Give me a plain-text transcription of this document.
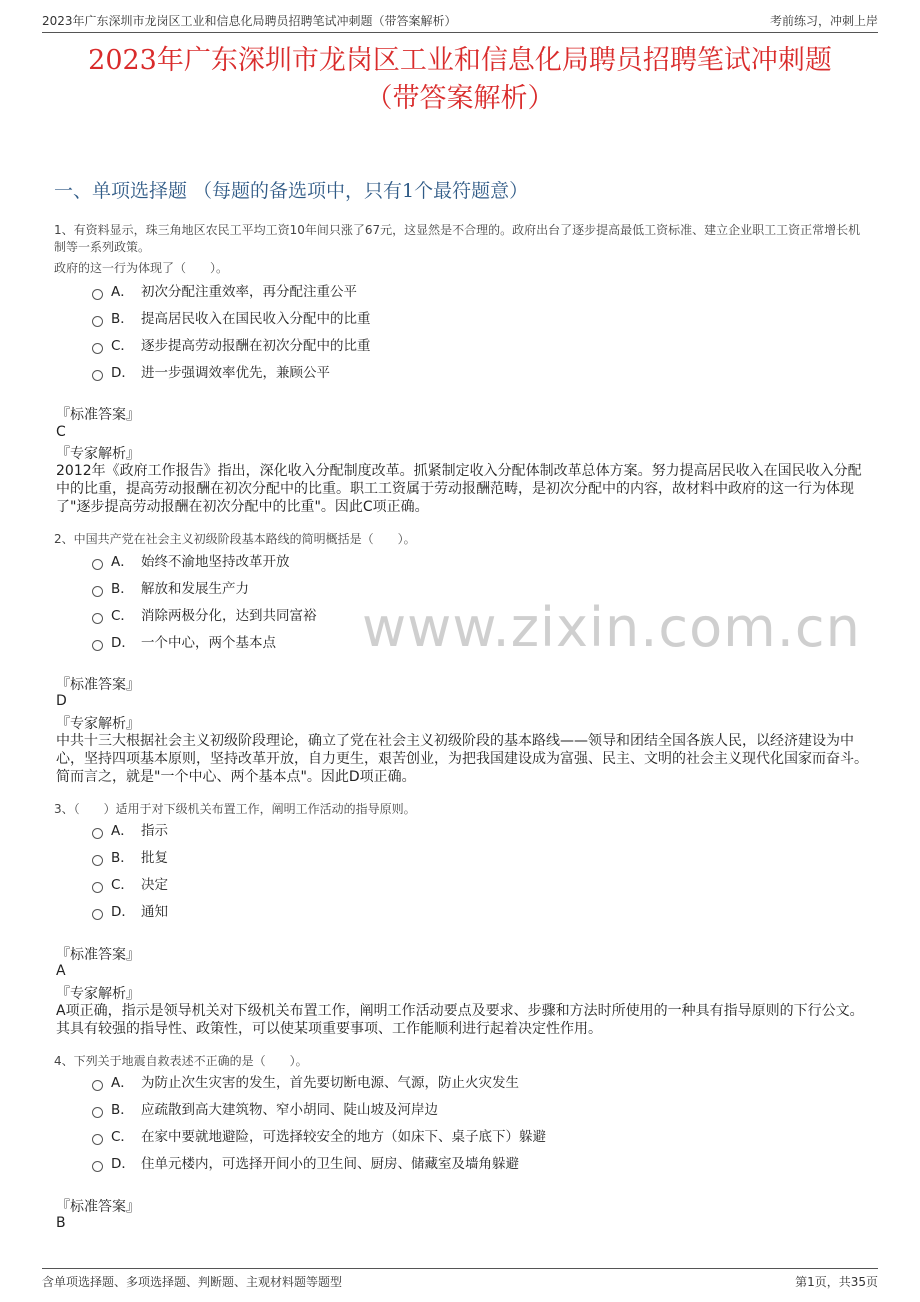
2023年广东深圳市龙岗区工业和信息化局聘员招聘笔试冲刺题（带答案解析）	考前练习，冲刺上岸
2023年广东深圳市龙岗区工业和信息化局聘员招聘笔试冲刺题
（带答案解析）
一、单项选择题 （每题的备选项中，只有1个最符题意）
www.zixin.com.cn
1、有资料显示，珠三角地区农民工平均工资10年间只涨了67元，这显然是不合理的。政府出台了逐步提高最低工资标准、建立企业职工工资正常增长机制等一系列政策。
政府的这一行为体现了（　　）。
A． 初次分配注重效率，再分配注重公平
B． 提高居民收入在国民收入分配中的比重
C． 逐步提高劳动报酬在初次分配中的比重
D． 进一步强调效率优先，兼顾公平
『标准答案』
C
『专家解析』
2012年《政府工作报告》指出，深化收入分配制度改革。抓紧制定收入分配体制改革总体方案。努力提高居民收入在国民收入分配中的比重，提高劳动报酬在初次分配中的比重。职工工资属于劳动报酬范畴，是初次分配中的内容，故材料中政府的这一行为体现了"逐步提高劳动报酬在初次分配中的比重"。因此C项正确。
2、中国共产党在社会主义初级阶段基本路线的简明概括是（　　）。
A． 始终不渝地坚持改革开放
B． 解放和发展生产力
C． 消除两极分化，达到共同富裕
D． 一个中心，两个基本点
『标准答案』
D
『专家解析』
中共十三大根据社会主义初级阶段理论，确立了党在社会主义初级阶段的基本路线——领导和团结全国各族人民，以经济建设为中心，坚持四项基本原则，坚持改革开放，自力更生，艰苦创业，为把我国建设成为富强、民主、文明的社会主义现代化国家而奋斗。简而言之，就是"一个中心、两个基本点"。因此D项正确。
3、（　　）适用于对下级机关布置工作，阐明工作活动的指导原则。
A． 指示
B． 批复
C． 决定
D． 通知
『标准答案』
A
『专家解析』
A项正确，指示是领导机关对下级机关布置工作，阐明工作活动要点及要求、步骤和方法时所使用的一种具有指导原则的下行公文。其具有较强的指导性、政策性，可以使某项重要事项、工作能顺利进行起着决定性作用。
4、下列关于地震自救表述不正确的是（　　）。
A． 为防止次生灾害的发生，首先要切断电源、气源，防止火灾发生
B． 应疏散到高大建筑物、窄小胡同、陡山坡及河岸边
C． 在家中要就地避险，可选择较安全的地方（如床下、桌子底下）躲避
D． 住单元楼内，可选择开间小的卫生间、厨房、储藏室及墙角躲避
『标准答案』
B
含单项选择题、多项选择题、判断题、主观材料题等题型	第1页，共35页
